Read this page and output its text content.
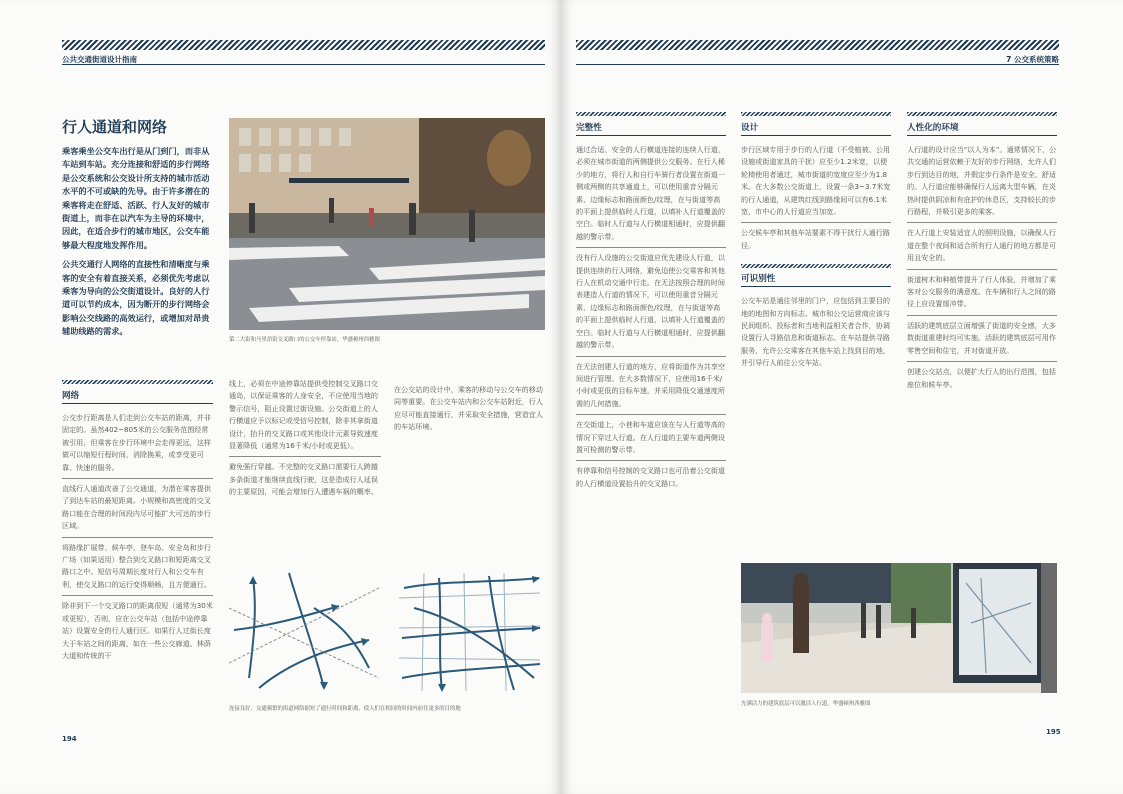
公共交通街道设计指南
行人通道和网络

乘客乘坐公交车出行是从门到门，而非从车站到车站。充分连接和舒适的步行网络是公交系统和公交设计所支持的城市活动水平的不可或缺的先导。由于许多潜在的乘客将走在舒适、活跃、行人友好的城市街道上，而非在以汽车为主导的环境中，因此，在适合步行的城市地区，公交车能够最大程度地发挥作用。

公共交通行人网络的直接性和清晰度与乘客的安全有着直接关系，必须优先考虑以乘客为导向的公交街道设计。良好的人行道可以节约成本，因为断开的步行网络会影响公交线路的高效运行，或增加对昂贵辅助线路的需求。

第二大街和马里昂街交叉路口的公交车停靠站，华盛顿州西雅图
网络

公交步行距离是人们走到公交车站的距离，并非固定的。虽然402~805米的公交服务范围经常被引用，但乘客在步行环境中会走得更远，这样做可以缩短行程时间，消除换乘，或享受更可靠、快速的服务。

直线行人通道改善了公交通道，为潜在乘客提供了到达车站的最短距离。小规模和高密度的交叉路口能在合理的时间段内尽可能扩大可达的步行区域。

将路缘扩展带、候车亭、登车岛、安全岛和步行广场（如果适用）整合到交叉路口和短距离交叉路口之中。短信号周期长度对行人和公交车有利，使交叉路口的运行变得顺畅，且方便通行。

除非到下一个交叉路口的距离很短（通常为30米或更短），否则，应在公交车站（包括中途停靠站）设置安全的行人通行区。如果行人过街长度大于车站之间的距离，如在一些公交廊道、林荫大道和传统的干

线上，必须在中途停靠站提供受控制交叉路口交通岛，以保证乘客的人身安全，不应使用当地的警示信号，阻止设置过街设施。公交街道上的人行横道应予以标记或受信号控制，除非其拿街道设计，抬升的交叉路口或其他设计元素导致速度显著降低（通常为16千米/小时或更低）。

避免强行穿越。不完整的交叉路口需要行人跨越多条街道才能继续直线行驶，这是造成行人延误的主要原因，可能会增加行人遭遇车祸的概率。

在公交站的设计中，乘客的移动与公交车的移动同等重要。在公交车站内和公交车站附近，行人应尽可能直接通行，并采取安全措施，营造宜人的车站环境。

连接良好、交通频繁的街道网络缩短了通行时间和距离，使人们在相同的时间内前往更多的目的地
194
7 公交系统策略
完整性

通过合适、安全的人行横道连接的连续人行道，必须在城市街道的两侧提供公交服务。在行人稀少的地方，将行人和自行车骑行者设置在街道一侧或两侧的共享通道上，可以使用重音分隔元素、边缘标志和路面颜色/纹理，在与街道等高的平面上提供临时人行道，以填补人行道覆盖的空白。临时人行道与人行横道相通时，应提供翻越的警示带。

没有行人设施的公交街道应优先建设人行道，以提供连续的行人网络，避免迫使公交乘客和其他行人在机动交通中行走。在无法按照合理的时间表建造人行道的情况下，可以使用重音分隔元素、边缘标志和路面颜色/纹理，在与街道等高的平面上提供临时人行道，以填补人行道覆盖的空白。临时人行道与人行横道相通时，应提供翻越的警示带。

在无法创建人行道的地方，应将街道作为共享空间进行管理。在大多数情况下，应使用16千米/小时或更低的目标车速，并采用降低交通速度所需的几何措施。

在交街道上，小巷和车道应该在与人行道等高的情况下穿过人行道。在人行道的主要车道两侧设置可检测的警示带。

有停靠和信号控制的交叉路口也可沿着公交街道的人行横道设置抬升的交叉路口。

设计

步行区域专用于步行的人行道（不受植被、公用设施或街道家具的干扰）应至少1.2米宽，以便轮椅使用者通过，城市街道的宽度应至少为1.8米。在大多数公交街道上，设置一条3~3.7米宽的行人通道，从建筑红线到路缘间可以有6.1米宽，市中心的人行道应当加宽。

公交候车亭和其他车站要素不得干扰行人通行路径。

可识别性

公交车站是通往邻里的门户，应包括到主要目的地的地图和方向标志。城市和公交运营商应该与民间组织、投标者和当地利益相关者合作，协调设置行人寻路信息和街道标志。在车站提供寻路服务，允许公交乘客在其他车站上找到目的地，并引导行人前往公交车站。

人性化的环境

人行道的设计应当“以人为本”。通常情况下，公共交通的运营依赖于友好的步行网络，允许人们步行到达目的地，并假定步行条件是安全、舒适的。人行道应能够确保行人远离大型车辆，在炎热时提供阴凉和有庇护的休息区，支持较长的步行路程，并吸引更多的乘客。

在人行道上安装适宜人的照明设施，以确保人行道在整个夜间和适合所有行人通行的地方都是可用且安全的。

街道树木和种植带提升了行人体验，并增加了乘客对公交服务的满意度。在车辆和行人之间的路径上应设置缓冲带。

活跃的建筑底层立面增强了街道的安全感，大多数街道重建时均可实施。活跃的建筑底层可用作零售空间和住宅，并对街道开放。

创建公交站点，以便扩大行人的出行范围，包括座位和候车亭。

充满活力的建筑底层可以激活人行道，华盛顿州西雅图
195
